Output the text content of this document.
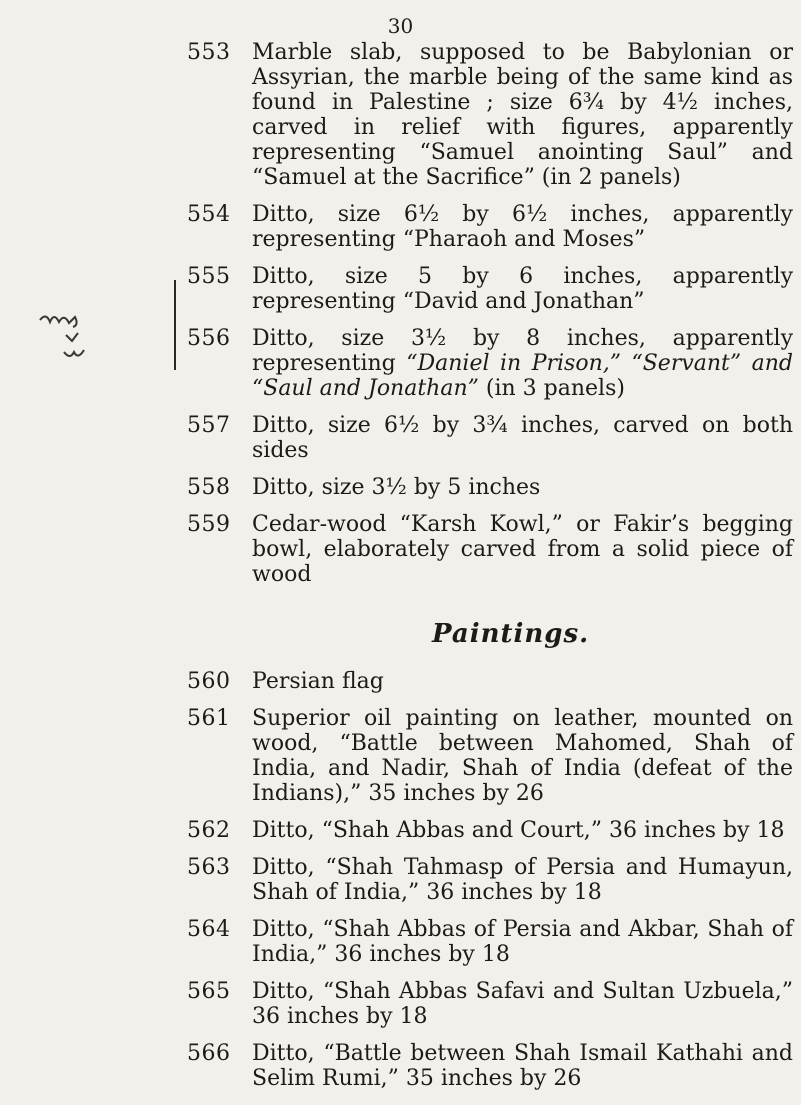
30
553 Marble slab, supposed to be Babylonian or Assyrian, the marble being of the same kind as found in Palestine ; size 6¾ by 4½ inches, carved in relief with figures, apparently representing “Samuel anointing Saul” and “Samuel at the Sacrifice” (in 2 panels)
554 Ditto, size 6½ by 6½ inches, apparently representing “Pharaoh and Moses”
555 Ditto, size 5 by 6 inches, apparently representing “David and Jonathan”
556 Ditto, size 3½ by 8 inches, apparently representing “Daniel in Prison,” “Servant” and “Saul and Jonathan” (in 3 panels)
557 Ditto, size 6½ by 3¾ inches, carved on both sides
558 Ditto, size 3½ by 5 inches
559 Cedar-wood “Karsh Kowl,” or Fakir’s begging bowl, elaborately carved from a solid piece of wood
Paintings.
560 Persian flag
561 Superior oil painting on leather, mounted on wood, “Battle between Mahomed, Shah of India, and Nadir, Shah of India (defeat of the Indians),” 35 inches by 26
562 Ditto, “Shah Abbas and Court,” 36 inches by 18
563 Ditto, “Shah Tahmasp of Persia and Humayun, Shah of India,” 36 inches by 18
564 Ditto, “Shah Abbas of Persia and Akbar, Shah of India,” 36 inches by 18
565 Ditto, “Shah Abbas Safavi and Sultan Uzbuela,” 36 inches by 18
566 Ditto, “Battle between Shah Ismail Kathahi and Selim Rumi,” 35 inches by 26
